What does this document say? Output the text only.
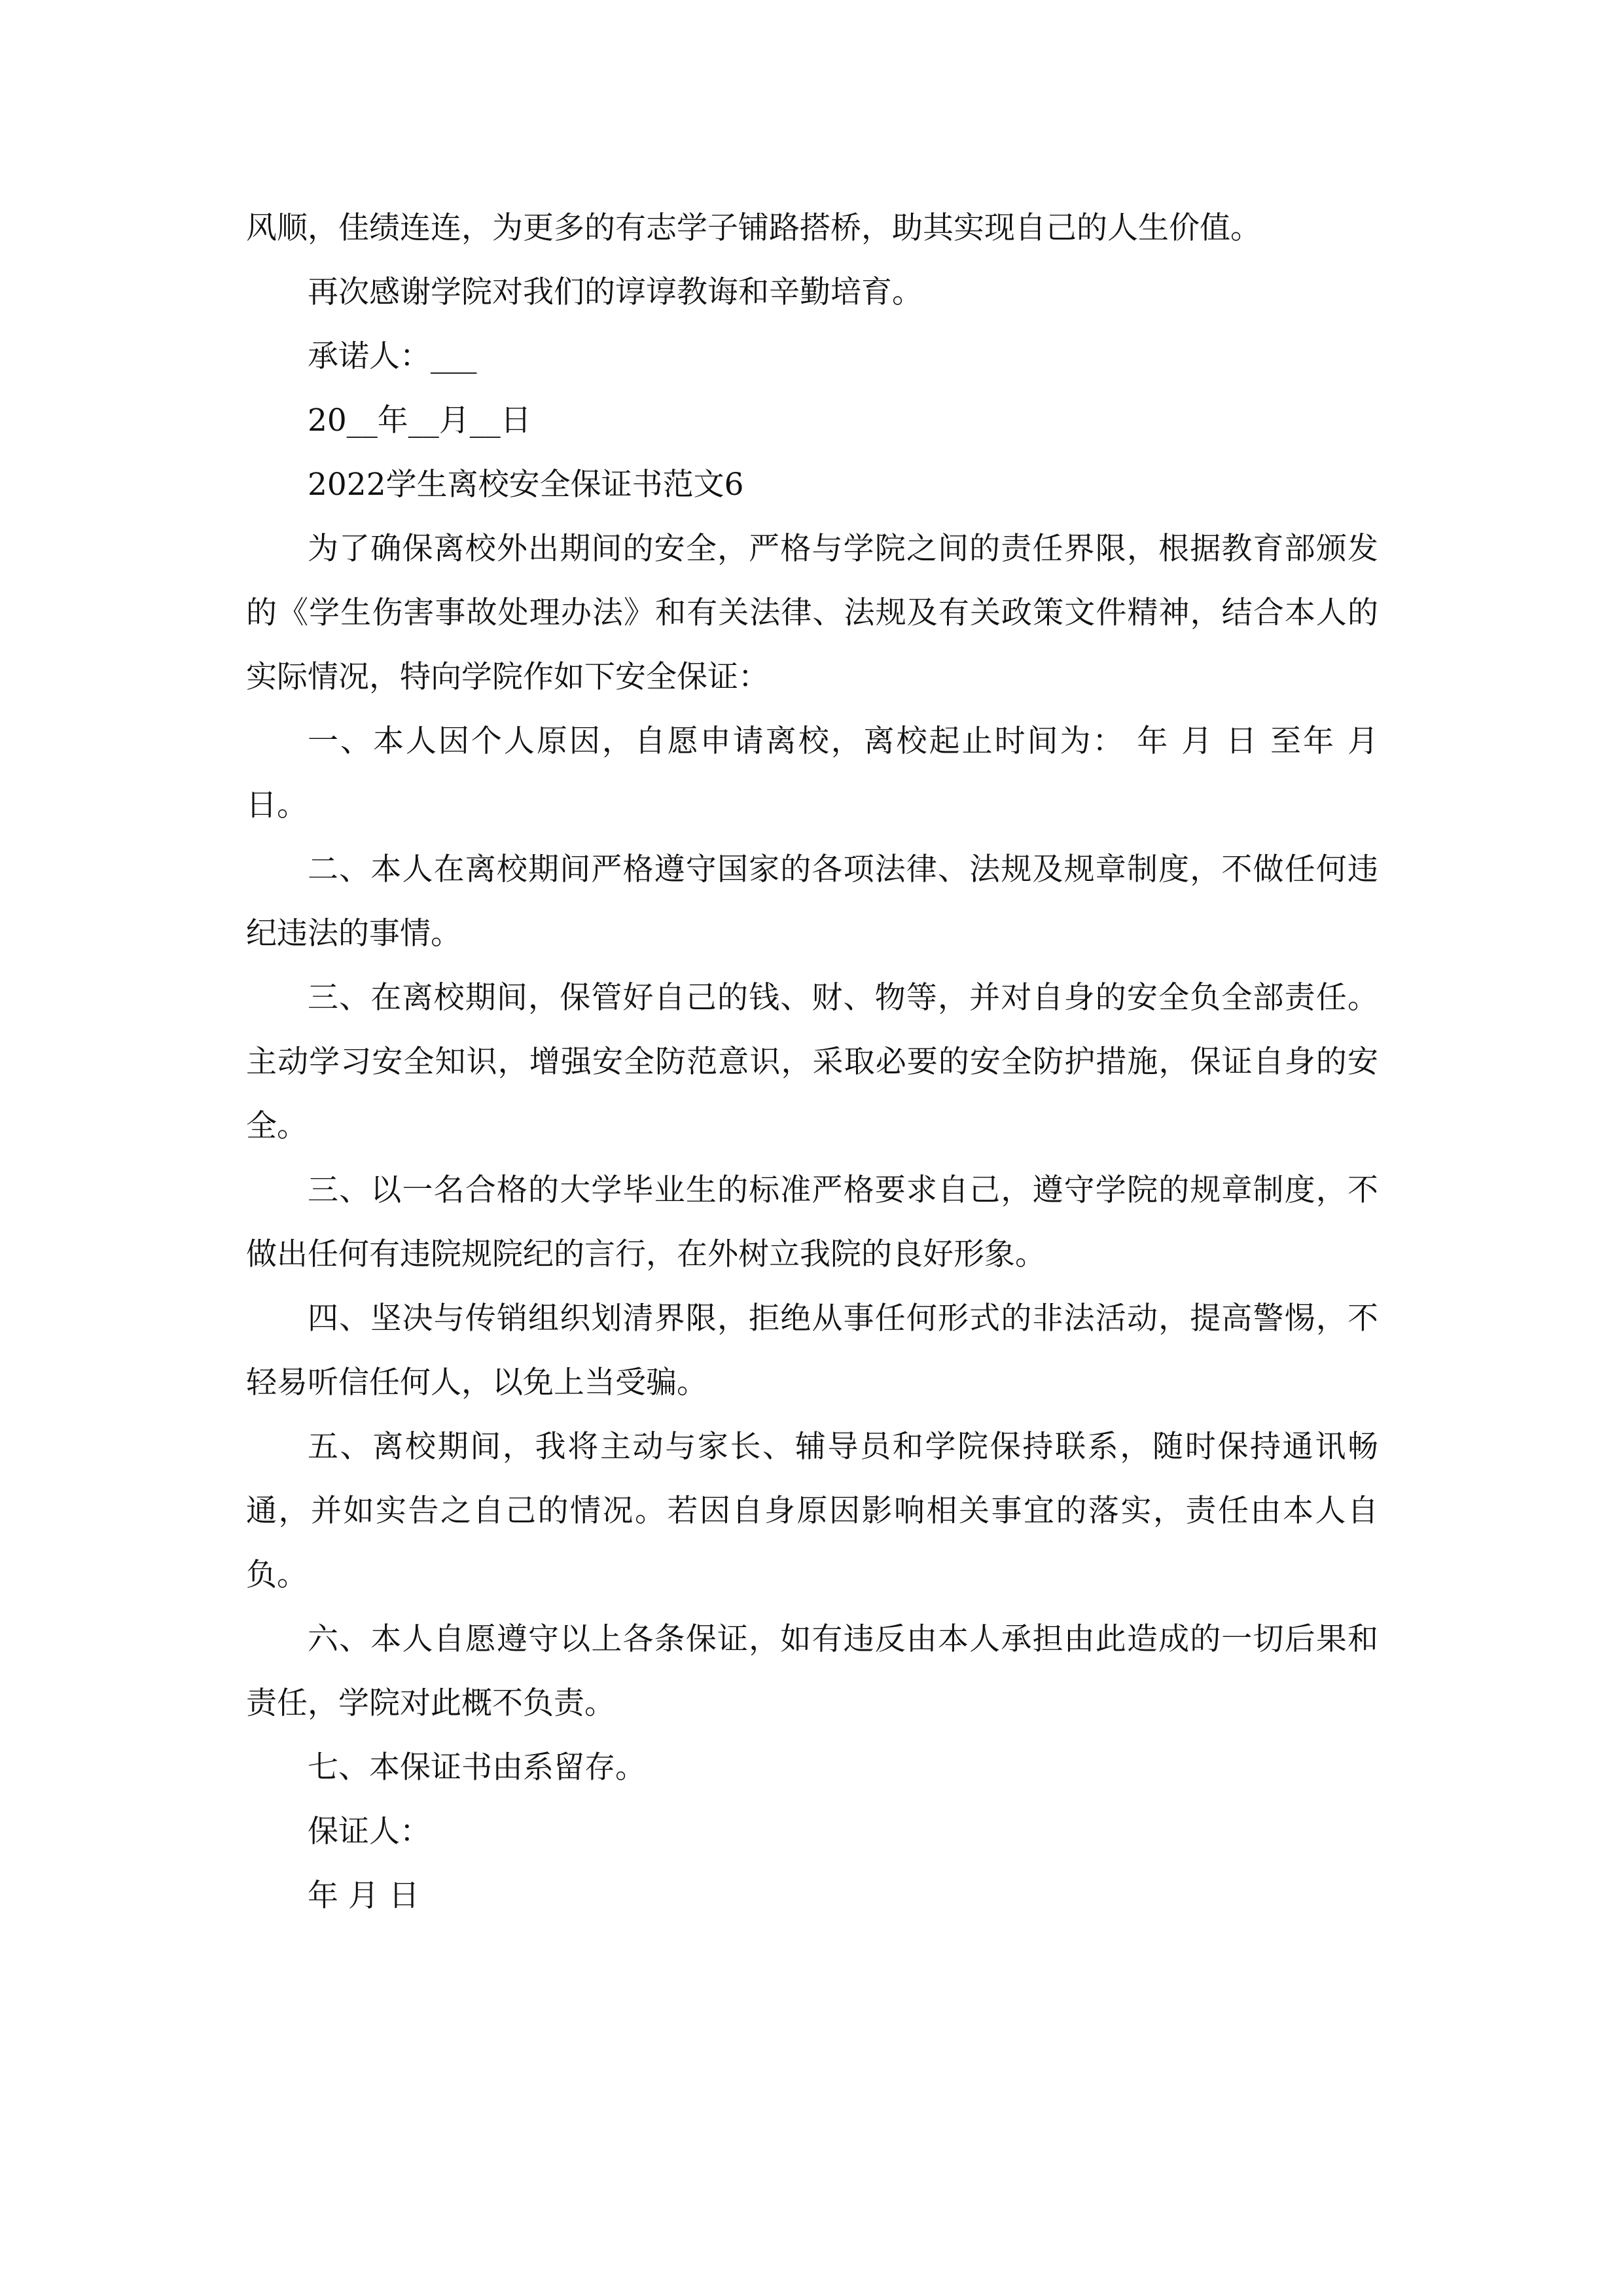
风顺，佳绩连连，为更多的有志学子铺路搭桥，助其实现自己的人生价值。

再次感谢学院对我们的谆谆教诲和辛勤培育。

承诺人：___

20__年__月__日

2022学生离校安全保证书范文6

为了确保离校外出期间的安全，严格与学院之间的责任界限，根据教育部颁发的《学生伤害事故处理办法》和有关法律、法规及有关政策文件精神，结合本人的实际情况，特向学院作如下安全保证：

一、本人因个人原因，自愿申请离校，离校起止时间为： 年 月 日 至年 月 日。

二、本人在离校期间严格遵守国家的各项法律、法规及规章制度，不做任何违纪违法的事情。

三、在离校期间，保管好自己的钱、财、物等，并对自身的安全负全部责任。主动学习安全知识，增强安全防范意识，采取必要的安全防护措施，保证自身的安全。

三、以一名合格的大学毕业生的标准严格要求自己，遵守学院的规章制度，不做出任何有违院规院纪的言行，在外树立我院的良好形象。

四、坚决与传销组织划清界限，拒绝从事任何形式的非法活动，提高警惕，不轻易听信任何人，以免上当受骗。

五、离校期间，我将主动与家长、辅导员和学院保持联系，随时保持通讯畅通，并如实告之自己的情况。若因自身原因影响相关事宜的落实，责任由本人自负。

六、本人自愿遵守以上各条保证，如有违反由本人承担由此造成的一切后果和责任，学院对此概不负责。

七、本保证书由系留存。

保证人：

年 月 日
